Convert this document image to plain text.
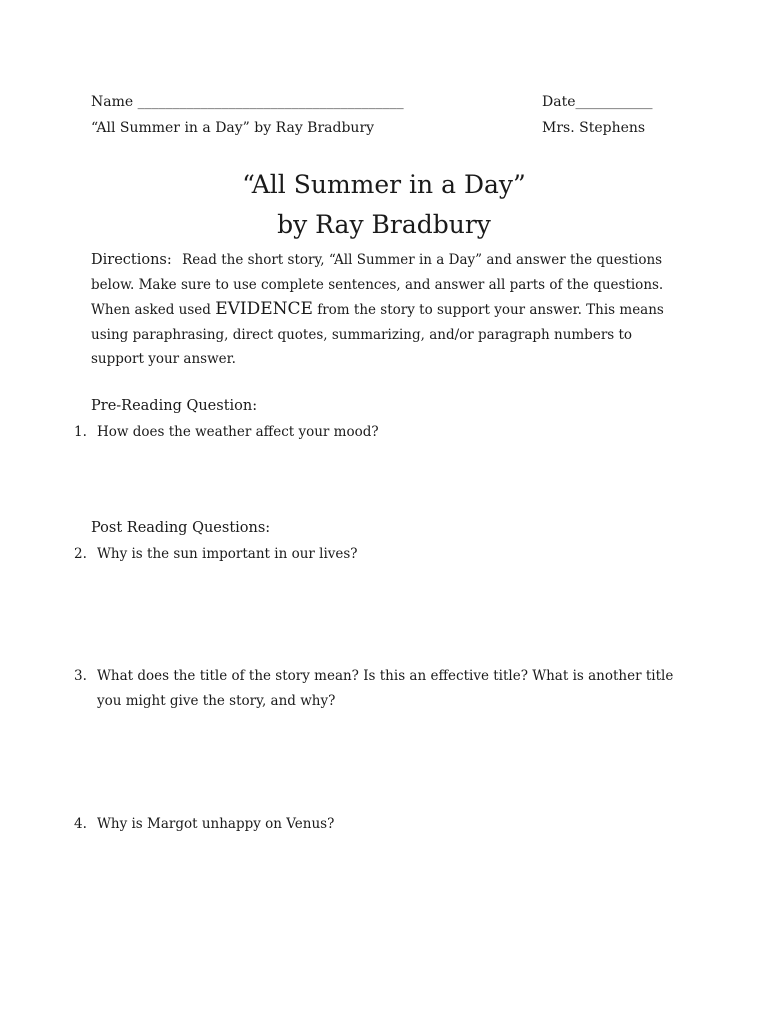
Name ______________________________________	Date___________
“All Summer in a Day” by Ray Bradbury	Mrs. Stephens
“All Summer in a Day”
by Ray Bradbury
Directions: Read the short story, “All Summer in a Day” and answer the questions below. Make sure to use complete sentences, and answer all parts of the questions. When asked used EVIDENCE from the story to support your answer. This means using paraphrasing, direct quotes, summarizing, and/or paragraph numbers to support your answer.
Pre-Reading Question:
1. How does the weather affect your mood?
Post Reading Questions:
2. Why is the sun important in our lives?
3. What does the title of the story mean? Is this an effective title? What is another title you might give the story, and why?
4. Why is Margot unhappy on Venus?
